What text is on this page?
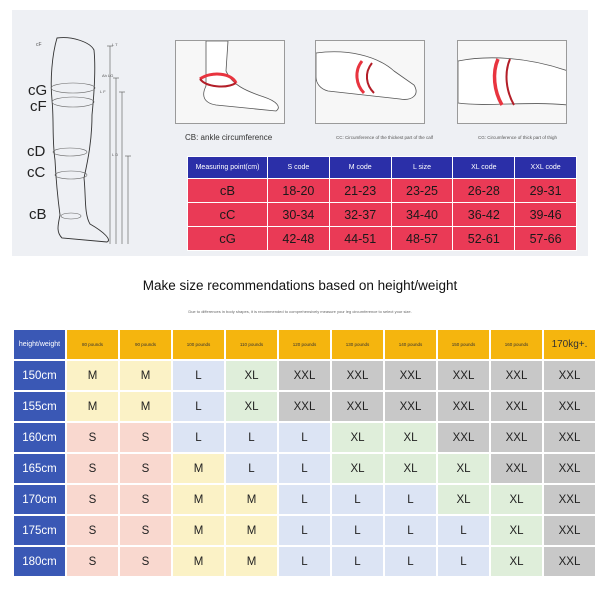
cF
cG
cF
cD
cC
cB
L T
Ah LG
L F
L D
CB: ankle circumference	CC: Circumference of the thickest part of the calf	CG: Circumference of thick part of thigh
Measuring point(cm)	S code	M code	L size	XL code	XXL code
cB	18-20	21-23	23-25	26-28	29-31
cC	30-34	32-37	34-40	36-42	39-46
cG	42-48	44-51	48-57	52-61	57-66
Make size recommendations based on height/weight
Due to differences in body shapes, it is recommended to comprehensively measure your leg circumference to select your size.
height/weight	80 pounds	90 pounds	100 pounds	110 pounds	120 pounds	130 pounds	140 pounds	150 pounds	160 pounds	170kg+.
150cm	M	M	L	XL	XXL	XXL	XXL	XXL	XXL	XXL
155cm	M	M	L	XL	XXL	XXL	XXL	XXL	XXL	XXL
160cm	S	S	L	L	L	XL	XL	XXL	XXL	XXL
165cm	S	S	M	L	L	XL	XL	XL	XXL	XXL
170cm	S	S	M	M	L	L	L	XL	XL	XXL
175cm	S	S	M	M	L	L	L	L	XL	XXL
180cm	S	S	M	M	L	L	L	L	XL	XXL
